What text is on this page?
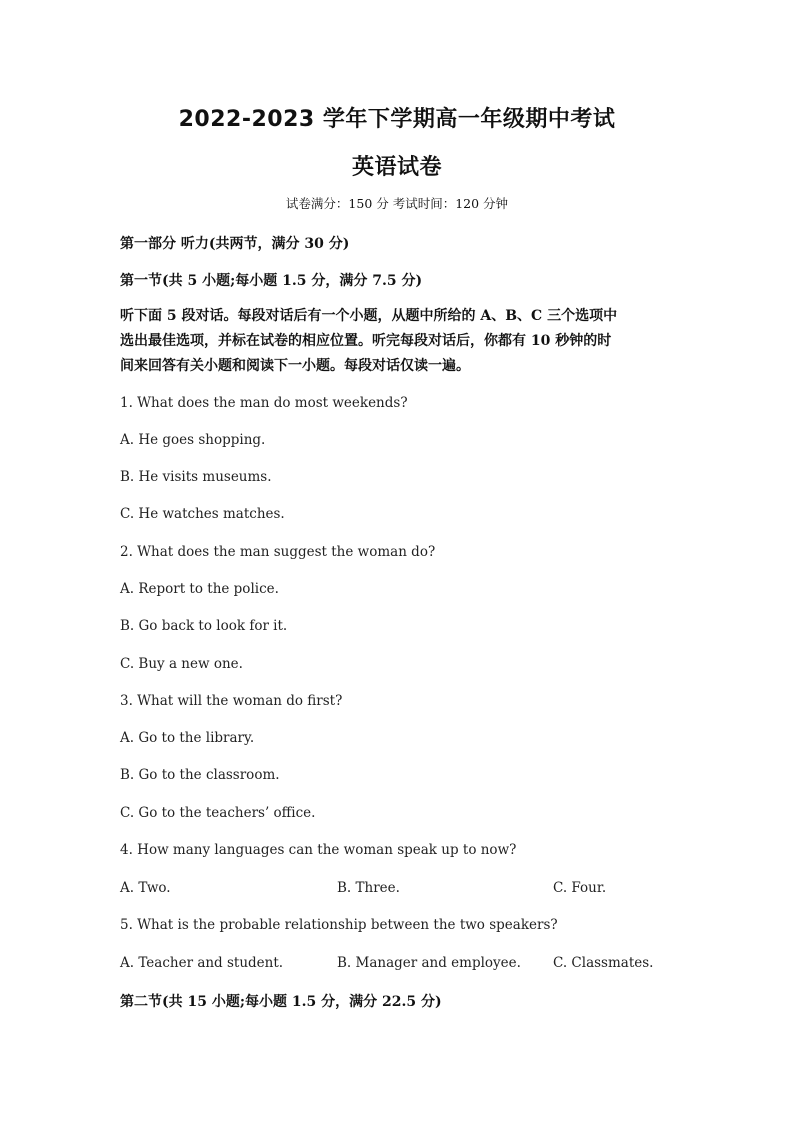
2022-2023 学年下学期高一年级期中考试
英语试卷
试卷满分：150 分 考试时间：120 分钟
第一部分 听力(共两节，满分 30 分)
第一节(共 5 小题;每小题 1.5 分，满分 7.5 分)
听下面 5 段对话。每段对话后有一个小题，从题中所给的 A、B、C 三个选项中
选出最佳选项，并标在试卷的相应位置。听完每段对话后，你都有 10 秒钟的时
间来回答有关小题和阅读下一小题。每段对话仅读一遍。
1. What does the man do most weekends?
A. He goes shopping.
B. He visits museums.
C. He watches matches.
2. What does the man suggest the woman do?
A. Report to the police.
B. Go back to look for it.
C. Buy a new one.
3. What will the woman do first?
A. Go to the library.
B. Go to the classroom.
C. Go to the teachers’ office.
4. How many languages can the woman speak up to now?
A. Two.	B. Three.	C. Four.
5. What is the probable relationship between the two speakers?
A. Teacher and student.	B. Manager and employee. C. Classmates.
第二节(共 15 小题;每小题 1.5 分，满分 22.5 分)
